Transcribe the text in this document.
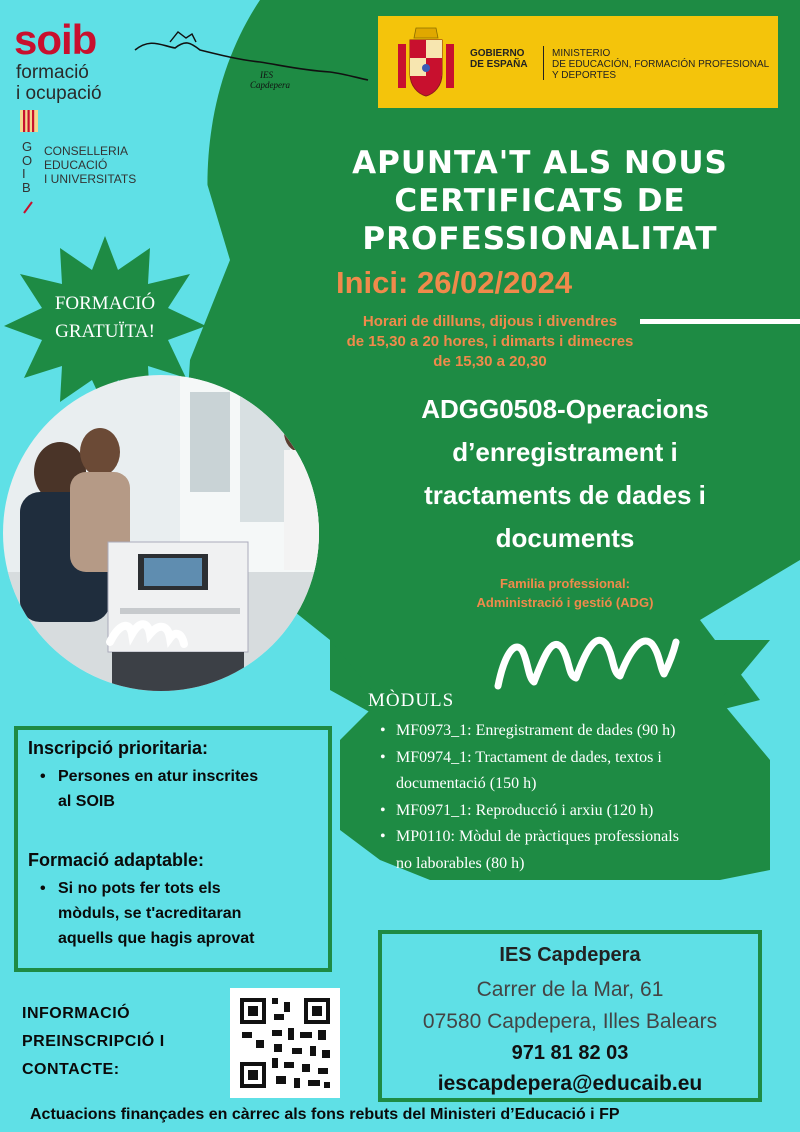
soib
formació
i ocupació
G
O
I
B
CONSELLERIA
EDUCACIÓ
I UNIVERSITATS
IES
Capdepera
GOBIERNO
DE ESPAÑA
MINISTERIO
DE EDUCACIÓN, FORMACIÓN PROFESIONAL
Y DEPORTES
APUNTA'T ALS NOUS
CERTIFICATS DE
PROFESSIONALITAT
Inici: 26/02/2024
Horari de dilluns, dijous i divendres
de 15,30 a 20 hores, i dimarts i dimecres
de 15,30 a 20,30
ADGG0508-Operacions
d’enregistrament i
tractaments de dades i
documents
Familia professional:
Administració i gestió (ADG)
FORMACIÓ
GRATUÏTA!
MÒDULS
• MF0973_1: Enregistrament de dades (90 h)
• MF0974_1: Tractament de dades, textos i
documentació (150 h)
• MF0971_1: Reproducció i arxiu (120 h)
• MP0110: Mòdul de pràctiques professionals
no laborables (80 h)
Inscripció prioritaria:
• Persones en atur inscrites
al SOIB
Formació adaptable:
• Si no pots fer tots els
mòduls, se t'acreditaran
aquells que hagis aprovat
INFORMACIÓ
PREINSCRIPCIÓ I
CONTACTE:
IES Capdepera
Carrer de la Mar, 61
07580 Capdepera, Illes Balears
971 81 82 03
iescapdepera@educaib.eu
Actuacions finançades en càrrec als fons rebuts del Ministeri d’Educació i FP
